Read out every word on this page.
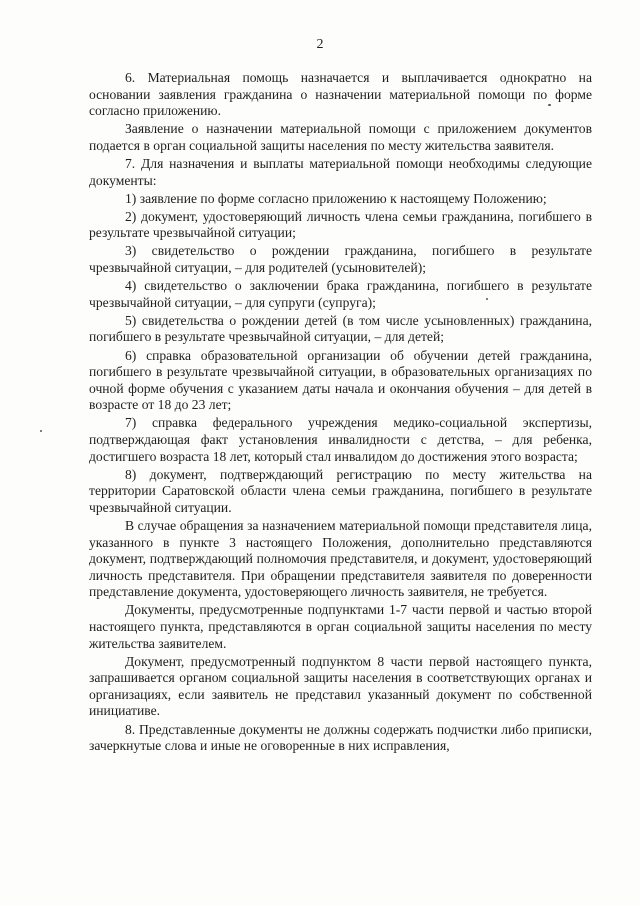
2

6. Материальная помощь назначается и выплачивается однократно на основании заявления гражданина о назначении материальной помощи по форме согласно приложению.

Заявление о назначении материальной помощи с приложением документов подается в орган социальной защиты населения по месту жительства заявителя.

7. Для назначения и выплаты материальной помощи необходимы следующие документы:

1) заявление по форме согласно приложению к настоящему Положению;

2) документ, удостоверяющий личность члена семьи гражданина, погибшего в результате чрезвычайной ситуации;

3) свидетельство о рождении гражданина, погибшего в результате чрезвычайной ситуации, – для родителей (усыновителей);

4) свидетельство о заключении брака гражданина, погибшего в результате чрезвычайной ситуации, – для супруги (супруга);

5) свидетельства о рождении детей (в том числе усыновленных) гражданина, погибшего в результате чрезвычайной ситуации, – для детей;

6) справка образовательной организации об обучении детей гражданина, погибшего в результате чрезвычайной ситуации, в образовательных организациях по очной форме обучения с указанием даты начала и окончания обучения – для детей в возрасте от 18 до 23 лет;

7) справка федерального учреждения медико-социальной экспертизы, подтверждающая факт установления инвалидности с детства, – для ребенка, достигшего возраста 18 лет, который стал инвалидом до достижения этого возраста;

8) документ, подтверждающий регистрацию по месту жительства на территории Саратовской области члена семьи гражданина, погибшего в результате чрезвычайной ситуации.

В случае обращения за назначением материальной помощи представителя лица, указанного в пункте 3 настоящего Положения, дополнительно представляются документ, подтверждающий полномочия представителя, и документ, удостоверяющий личность представителя. При обращении представителя заявителя по доверенности представление документа, удостоверяющего личность заявителя, не требуется.

Документы, предусмотренные подпунктами 1-7 части первой и частью второй настоящего пункта, представляются в орган социальной защиты населения по месту жительства заявителем.

Документ, предусмотренный подпунктом 8 части первой настоящего пункта, запрашивается органом социальной защиты населения в соответствующих органах и организациях, если заявитель не представил указанный документ по собственной инициативе.

8. Представленные документы не должны содержать подчистки либо приписки, зачеркнутые слова и иные не оговоренные в них исправления,
